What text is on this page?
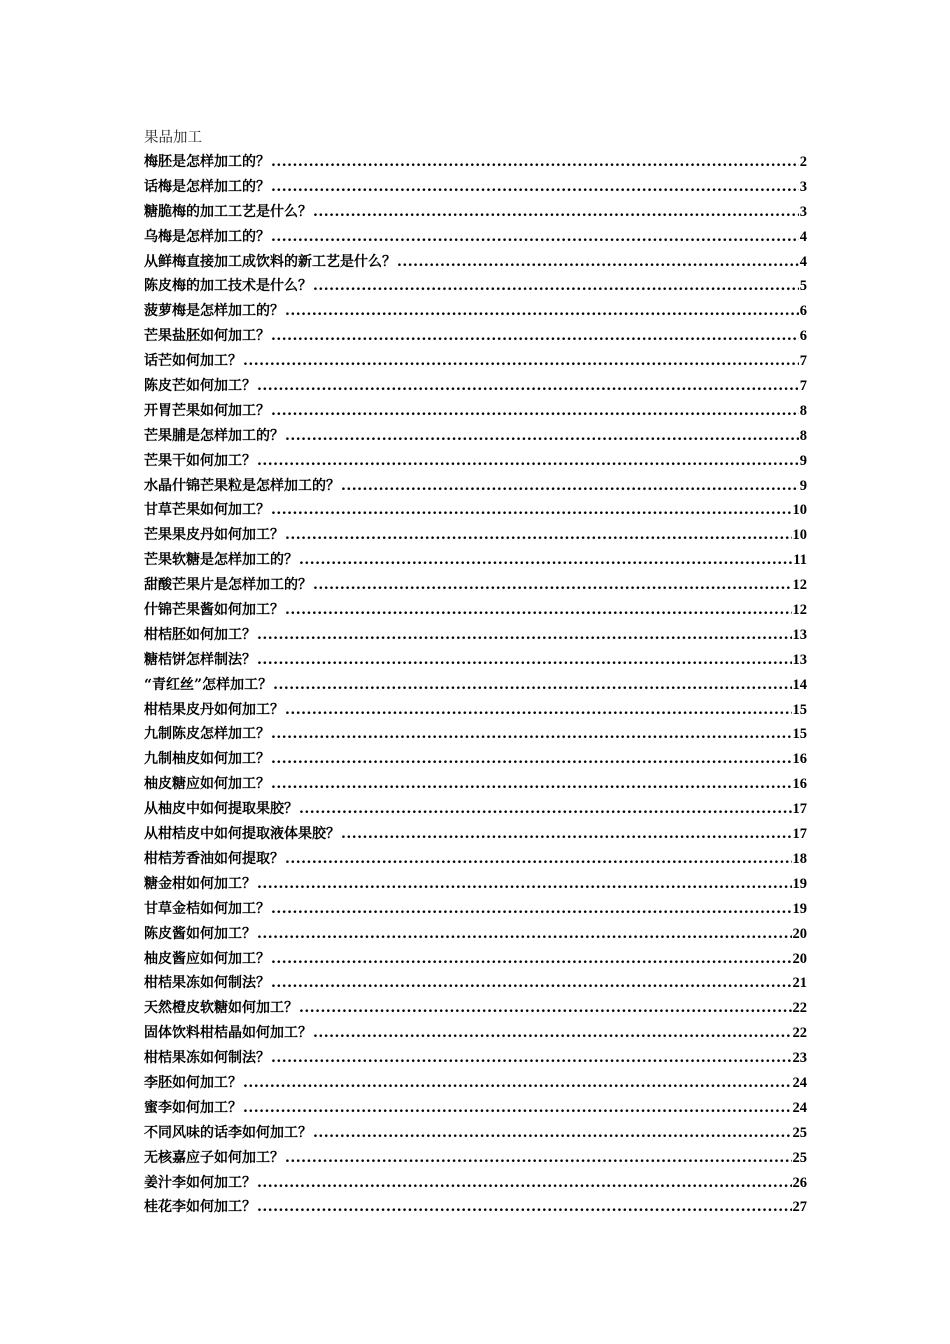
果品加工
梅胚是怎样加工的？ .....	2
话梅是怎样加工的？ .....	3
糖脆梅的加工工艺是什么？ .....	3
乌梅是怎样加工的？ .....	4
从鲜梅直接加工成饮料的新工艺是什么？ .....	4
陈皮梅的加工技术是什么？ .....	5
菠萝梅是怎样加工的？ .....	6
芒果盐胚如何加工？ .....	6
话芒如何加工？ .....	7
陈皮芒如何加工？ .....	7
开胃芒果如何加工？ .....	8
芒果脯是怎样加工的？ .....	8
芒果干如何加工？ .....	9
水晶什锦芒果粒是怎样加工的？ .....	9
甘草芒果如何加工？ .....	10
芒果果皮丹如何加工？ .....	10
芒果软糖是怎样加工的？ .....	11
甜酸芒果片是怎样加工的？ .....	12
什锦芒果酱如何加工？ .....	12
柑桔胚如何加工？ .....	13
糖桔饼怎样制法？ .....	13
“青红丝”怎样加工？ .....	14
柑桔果皮丹如何加工？ .....	15
九制陈皮怎样加工？ .....	15
九制柚皮如何加工？ .....	16
柚皮糖应如何加工？ .....	16
从柚皮中如何提取果胶？ .....	17
从柑桔皮中如何提取液体果胶？ .....	17
柑桔芳香油如何提取？ .....	18
糖金柑如何加工？ .....	19
甘草金桔如何加工？ .....	19
陈皮酱如何加工？ .....	20
柚皮酱应如何加工？ .....	20
柑桔果冻如何制法？ .....	21
天然橙皮软糖如何加工？ .....	22
固体饮料柑桔晶如何加工？ .....	22
柑桔果冻如何制法？ .....	23
李胚如何加工？ .....	24
蜜李如何加工？ .....	24
不同风味的话李如何加工？ .....	25
无核嘉应子如何加工？ .....	25
姜汁李如何加工？ .....	26
桂花李如何加工？ .....	27
